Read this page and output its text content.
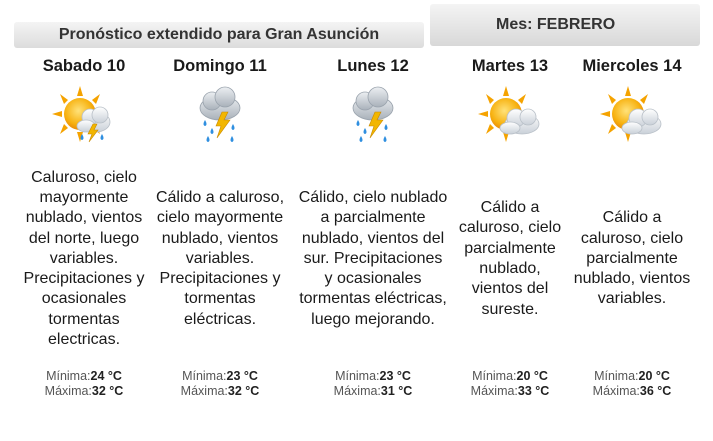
Pronóstico extendido para Gran Asunción
Mes: FEBRERO
Sabado 10

Caluroso, cielo mayormente nublado, vientos del norte, luego variables. Precipitaciones y ocasionales tormentas electricas.

Mínima:24 °C
Máxima:32 °C
Domingo 11

Cálido a caluroso, cielo mayormente nublado, vientos variables. Precipitaciones y tormentas eléctricas.

Mínima:23 °C
Máxima:32 °C
Lunes 12

Cálido, cielo nublado a parcialmente nublado, vientos del sur. Precipitaciones y ocasionales tormentas eléctricas, luego mejorando.

Mínima:23 °C
Máxima:31 °C
Martes 13

Cálido a caluroso, cielo parcialmente nublado, vientos del sureste.

Mínima:20 °C
Máxima:33 °C
Miercoles 14

Cálido a caluroso, cielo parcialmente nublado, vientos variables.

Mínima:20 °C
Máxima:36 °C
